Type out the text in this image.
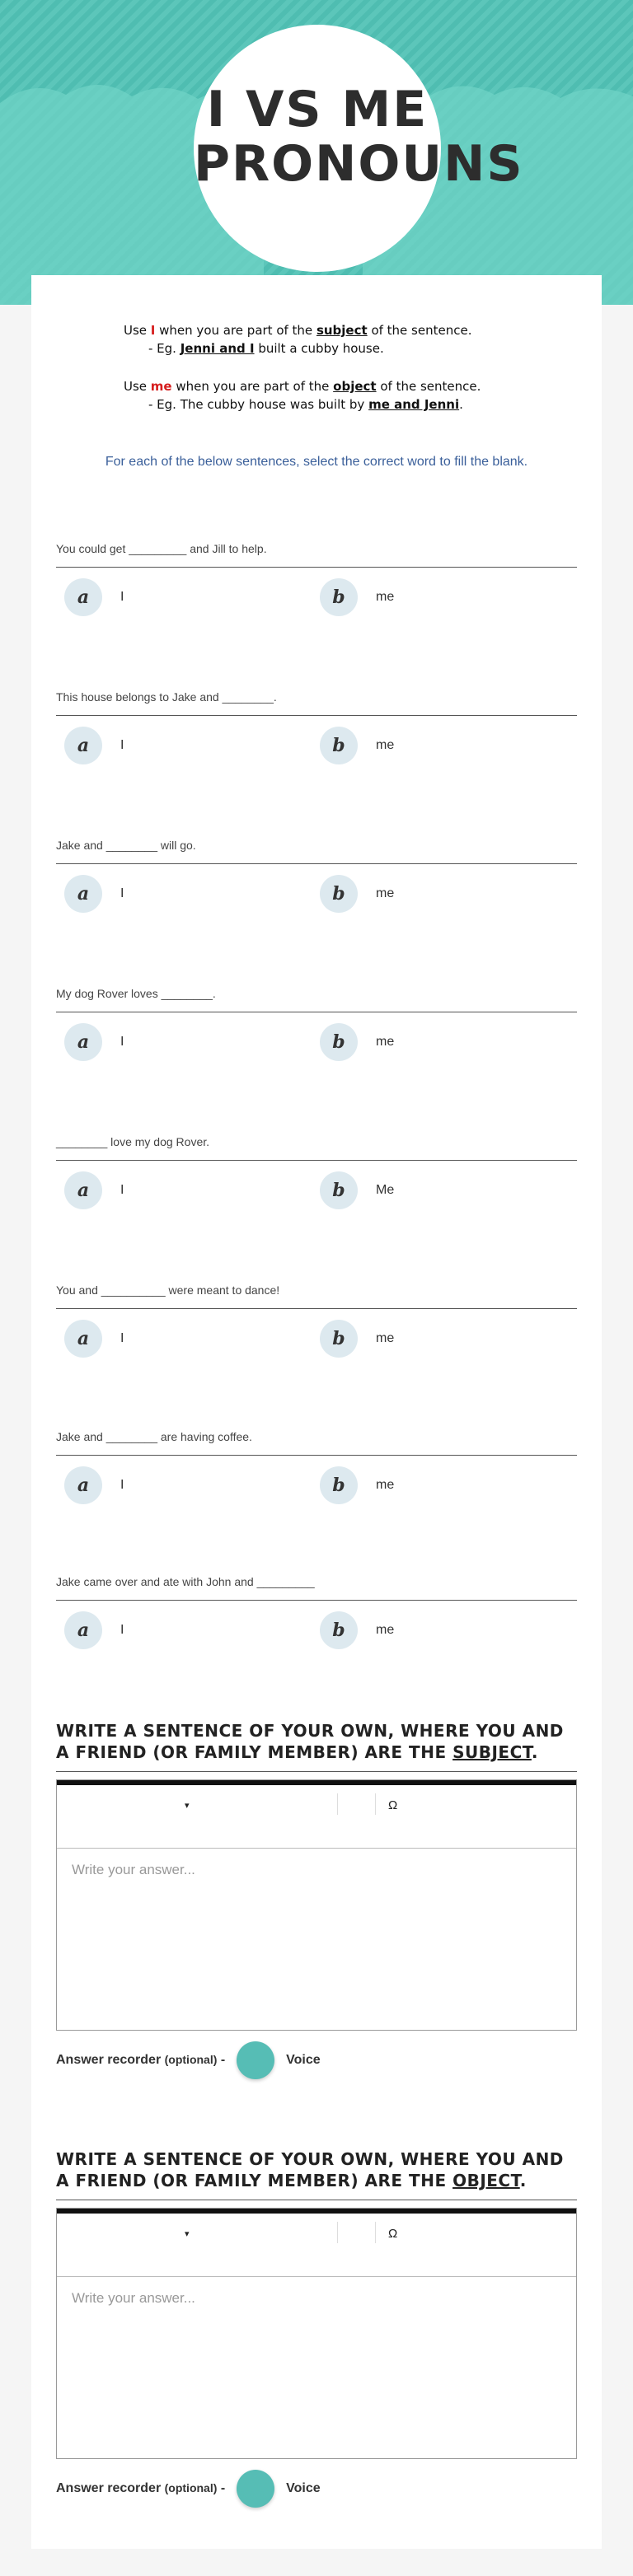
I VS ME
PRONOUNS

Use I when you are part of the subject of the sentence.

- Eg. Jenni and I built a cubby house.

Use me when you are part of the object of the sentence.

- Eg. The cubby house was built by me and Jenni.

For each of the below sentences, select the correct word to fill the blank.
You could get _________ and Jill to help.
a	I	b	me
This house belongs to Jake and ________.
a	I	b	me
Jake and ________ will go.
a	I	b	me
My dog Rover loves ________.
a	I	b	me
________ love my dog Rover.
a	I	b	Me
You and __________ were meant to dance!
a	I	b	me
Jake and ________ are having coffee.
a	I	b	me
Jake came over and ate with John and _________
a	I	b	me

WRITE A SENTENCE OF YOUR OWN, WHERE YOU AND A FRIEND (OR FAMILY MEMBER) ARE THE SUBJECT.

▾	Ω
Write your answer...
Answer recorder (optional) -	Voice

WRITE A SENTENCE OF YOUR OWN, WHERE YOU AND A FRIEND (OR FAMILY MEMBER) ARE THE OBJECT.

▾	Ω
Write your answer...
Answer recorder (optional) -	Voice
